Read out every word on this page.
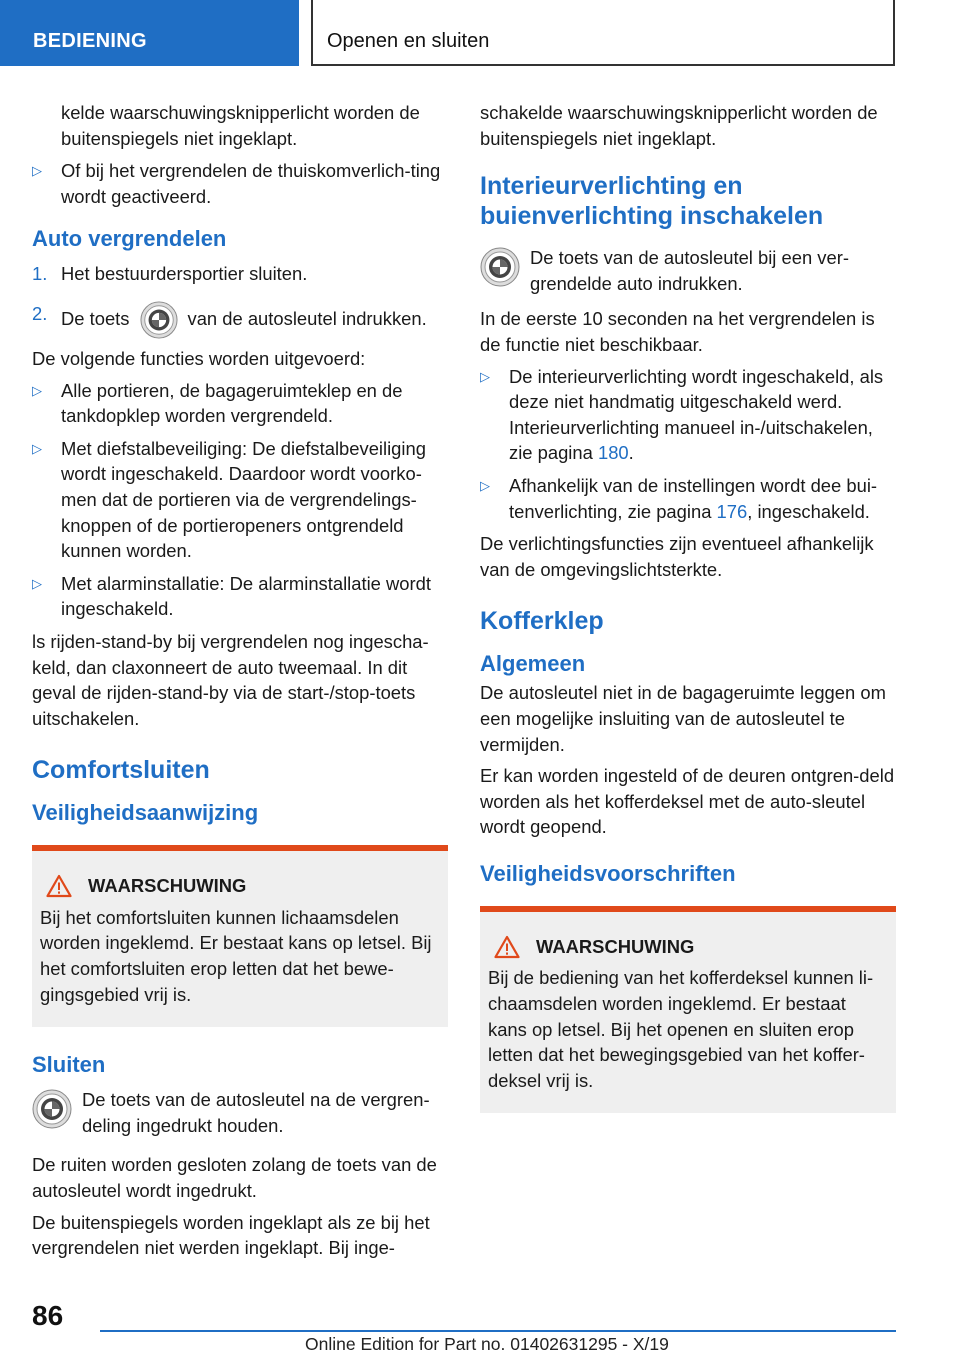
BEDIENING	Openen en sluiten
kelde waarschuwingsknipperlicht worden de buitenspiegels niet ingeklapt.
▷ Of bij het vergrendelen de thuiskomverlich-ting wordt geactiveerd.
Auto vergrendelen
1. Het bestuurdersportier sluiten.
2. De toets	van de autosleutel indrukken.

De volgende functies worden uitgevoerd:

▷ Alle portieren, de bagageruimteklep en de tankdopklep worden vergrendeld.
▷ Met diefstalbeveiliging: De diefstalbeveiliging wordt ingeschakeld. Daardoor wordt voorko-men dat de portieren via de vergrendelings-knoppen of de portieropeners ontgrendeld kunnen worden.
▷ Met alarminstallatie: De alarminstallatie wordt ingeschakeld.

ls rijden-stand-by bij vergrendelen nog ingescha-keld, dan claxonneert de auto tweemaal. In dit geval de rijden-stand-by via de start-/stop-toets uitschakelen.

Comfortsluiten
Veiligheidsaanwijzing
WAARSCHUWING

Bij het comfortsluiten kunnen lichaamsdelen worden ingeklemd. Er bestaat kans op letsel. Bij het comfortsluiten erop letten dat het bewe-gingsgebied vrij is.

Sluiten
De toets van de autosleutel na de vergren-deling ingedrukt houden.

De ruiten worden gesloten zolang de toets van de autosleutel wordt ingedrukt.

De buitenspiegels worden ingeklapt als ze bij het vergrendelen niet werden ingeklapt. Bij inge-

schakelde waarschuwingsknipperlicht worden de buitenspiegels niet ingeklapt.

Interieurverlichting en buienverlichting inschakelen
De toets van de autosleutel bij een ver-grendelde auto indrukken.

In de eerste 10 seconden na het vergrendelen is de functie niet beschikbaar.

▷ De interieurverlichting wordt ingeschakeld, als deze niet handmatig uitgeschakeld werd. Interieurverlichting manueel in-/uitschakelen, zie pagina 180.
▷ Afhankelijk van de instellingen wordt dee bui-tenverlichting, zie pagina 176, ingeschakeld.

De verlichtingsfuncties zijn eventueel afhankelijk van de omgevingslichtsterkte.

Kofferklep
Algemeen

De autosleutel niet in de bagageruimte leggen om een mogelijke insluiting van de autosleutel te vermijden.

Er kan worden ingesteld of de deuren ontgren-deld worden als het kofferdeksel met de auto-sleutel wordt geopend.

Veiligheidsvoorschriften
WAARSCHUWING

Bij de bediening van het kofferdeksel kunnen li-chaamsdelen worden ingeklemd. Er bestaat kans op letsel. Bij het openen en sluiten erop letten dat het bewegingsgebied van het koffer-deksel vrij is.

86
Online Edition for Part no. 01402631295 - X/19
